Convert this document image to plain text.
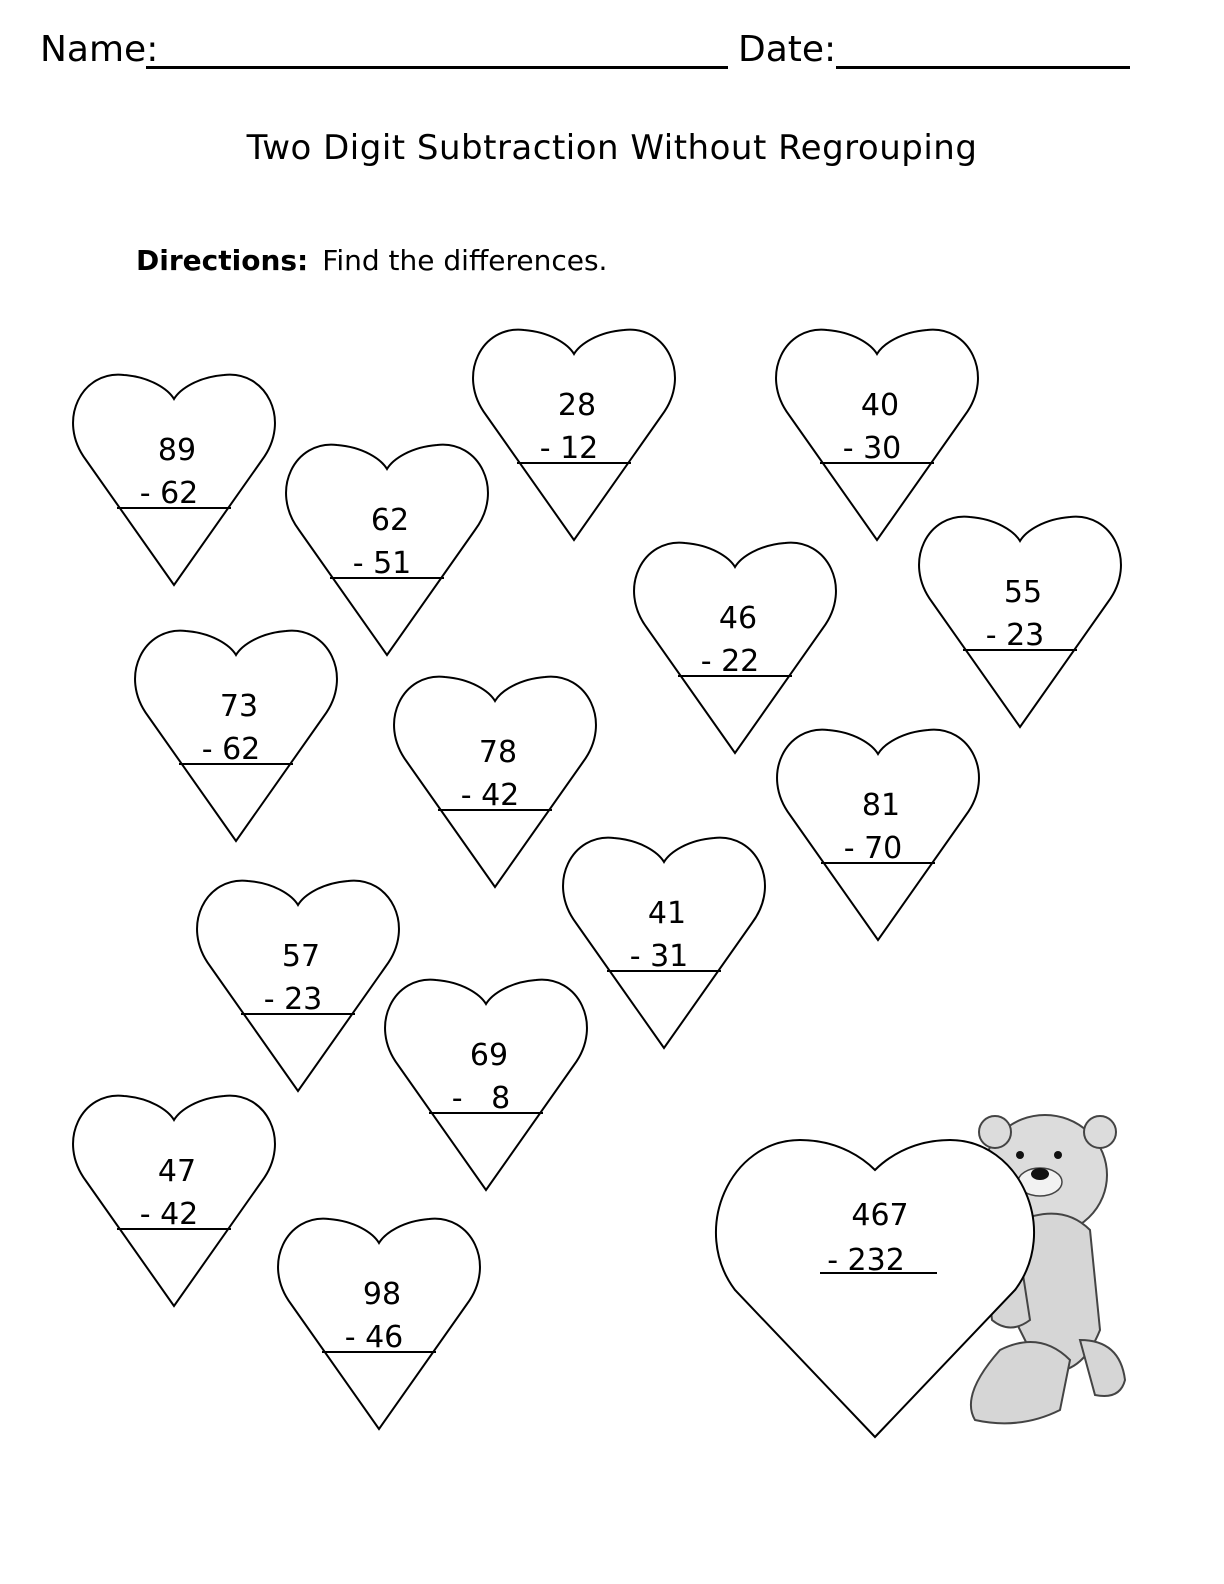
Name:	Date:
Two Digit Subtraction Without Regrouping
Directions: Find the differences.
89
- 62
62
- 51
28
- 12
40
- 30
46
- 22
55
- 23
73
- 62	78
- 42	81
- 70
41
- 31
57
- 23
69
-   8
47
- 42
98
- 46
467
- 232
